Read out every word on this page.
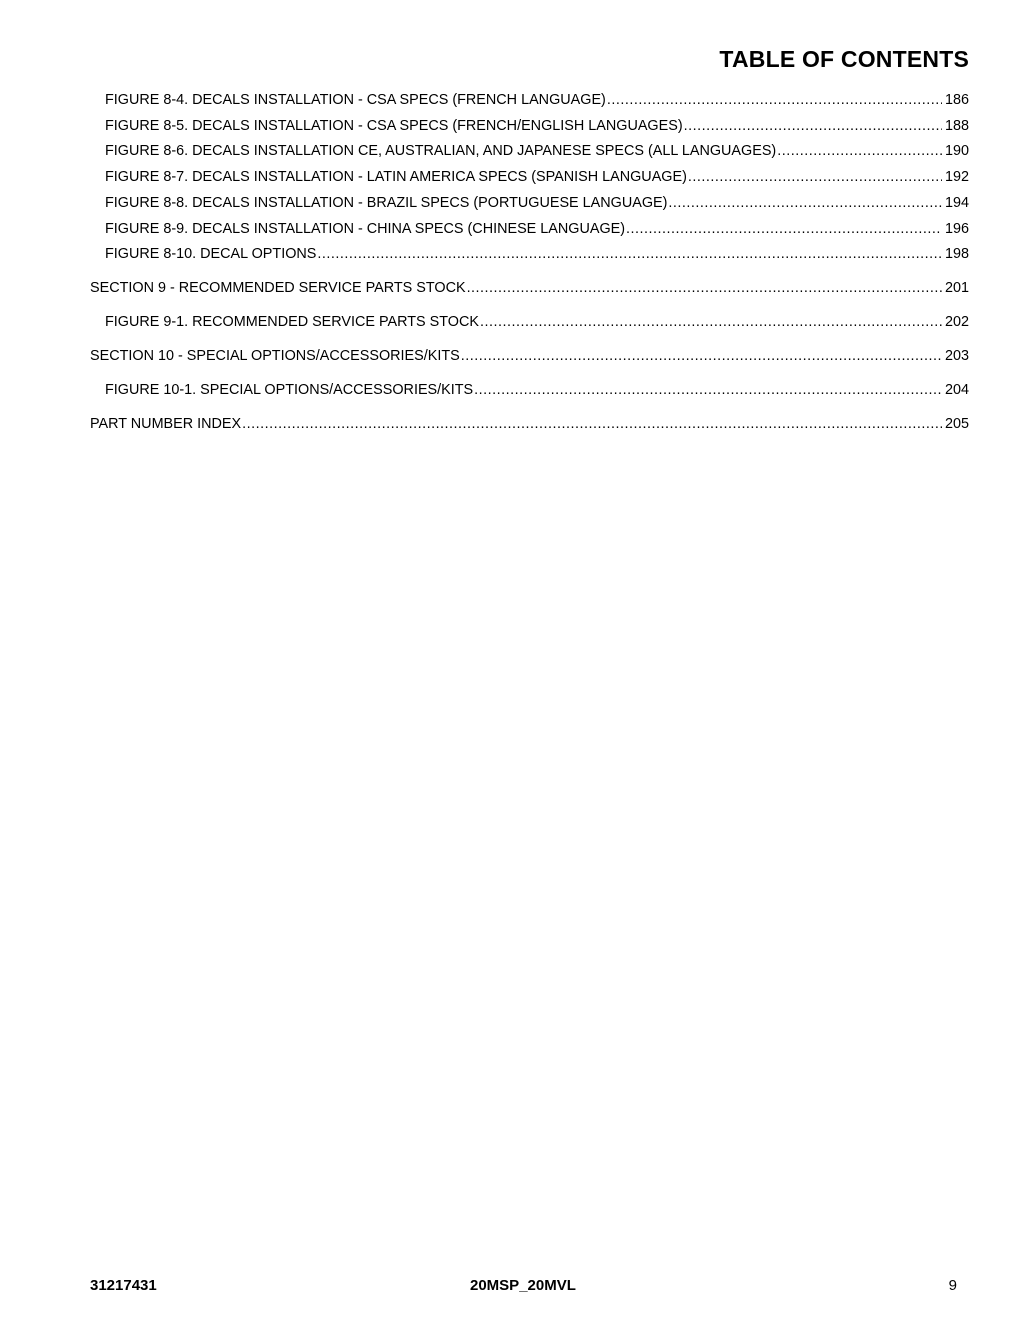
TABLE OF CONTENTS
FIGURE 8-4. DECALS INSTALLATION - CSA SPECS (FRENCH LANGUAGE) .....	186
FIGURE 8-5. DECALS INSTALLATION - CSA SPECS (FRENCH/ENGLISH LANGUAGES) .....	188
FIGURE 8-6. DECALS INSTALLATION CE, AUSTRALIAN, AND JAPANESE SPECS (ALL LANGUAGES) .....	190
FIGURE 8-7. DECALS INSTALLATION - LATIN AMERICA SPECS (SPANISH LANGUAGE) .....	192
FIGURE 8-8. DECALS INSTALLATION - BRAZIL SPECS (PORTUGUESE LANGUAGE) .....	194
FIGURE 8-9. DECALS INSTALLATION - CHINA SPECS (CHINESE LANGUAGE) .....	196
FIGURE 8-10. DECAL OPTIONS .....	198
SECTION 9 - RECOMMENDED SERVICE PARTS STOCK .....	201
FIGURE 9-1. RECOMMENDED SERVICE PARTS STOCK .....	202
SECTION 10 - SPECIAL OPTIONS/ACCESSORIES/KITS .....	203
FIGURE 10-1. SPECIAL OPTIONS/ACCESSORIES/KITS .....	204
PART NUMBER INDEX .....	205
31217431	20MSP_20MVL	9
